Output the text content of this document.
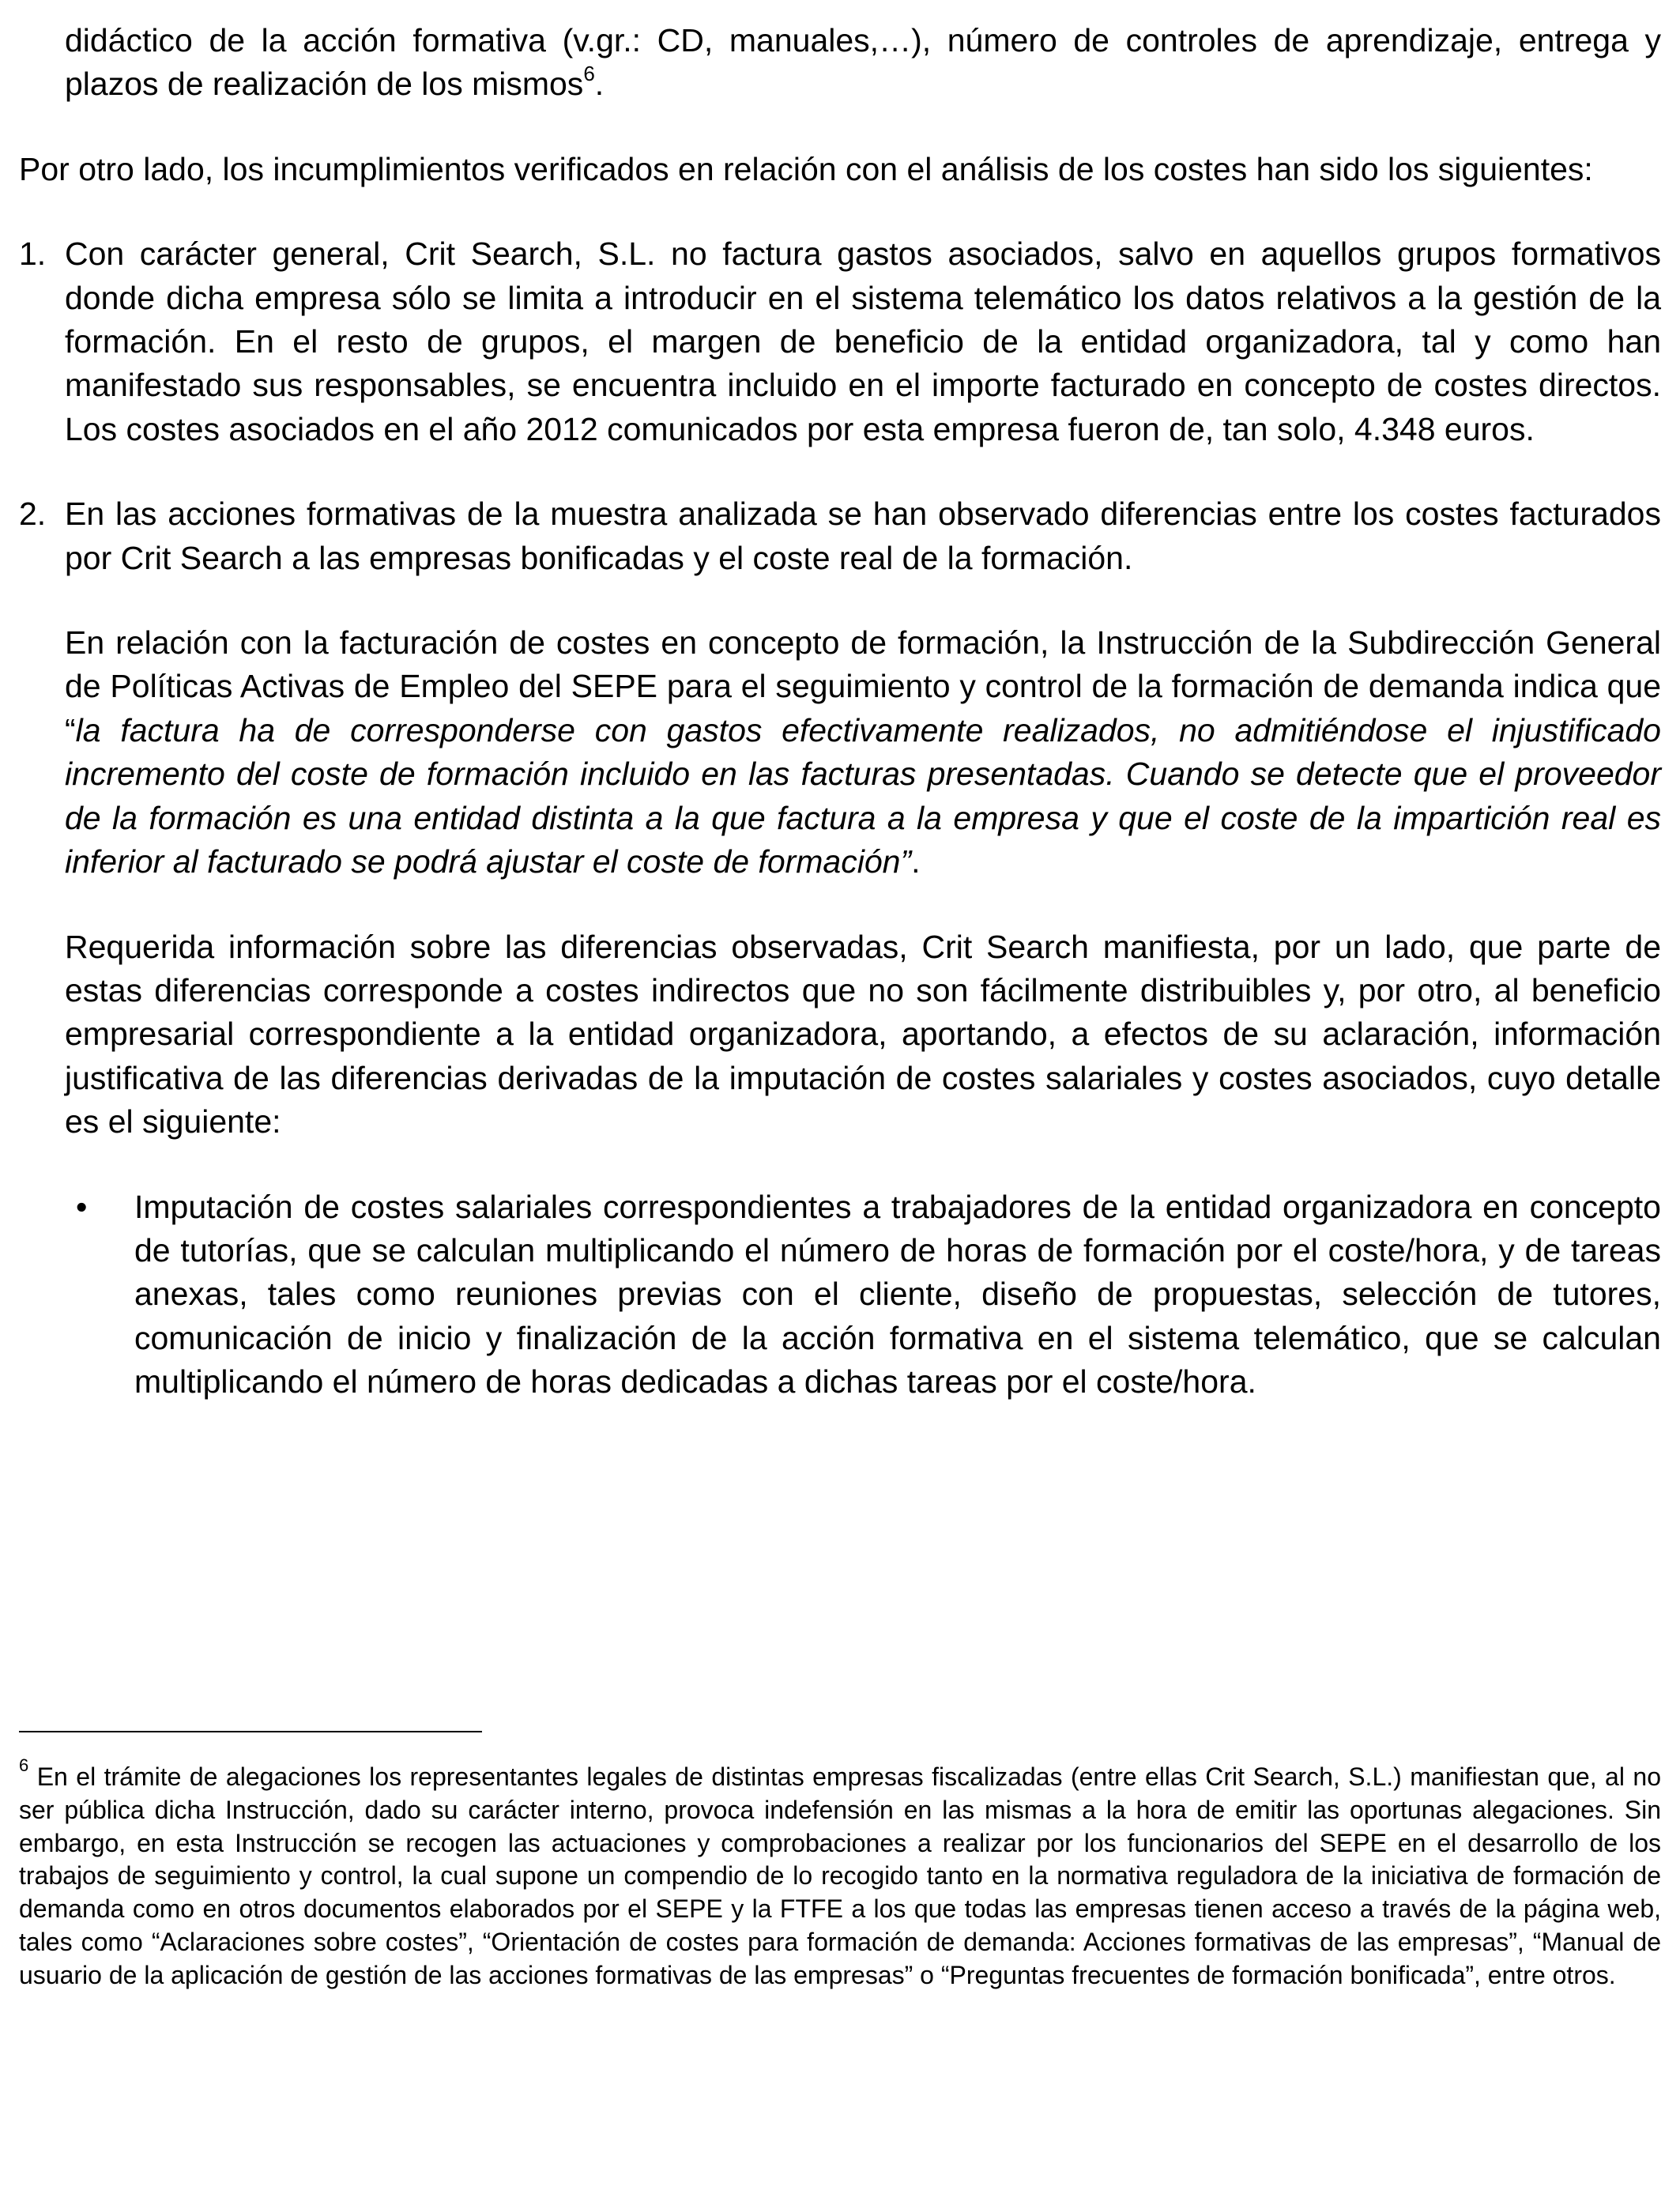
didáctico de la acción formativa (v.gr.: CD, manuales,…), número de controles de aprendizaje, entrega y plazos de realización de los mismos$^6$.

Por otro lado, los incumplimientos verificados en relación con el análisis de los costes han sido los siguientes:

1. Con carácter general, Crit Search, S.L. no factura gastos asociados, salvo en aquellos grupos formativos donde dicha empresa sólo se limita a introducir en el sistema telemático los datos relativos a la gestión de la formación. En el resto de grupos, el margen de beneficio de la entidad organizadora, tal y como han manifestado sus responsables, se encuentra incluido en el importe facturado en concepto de costes directos. Los costes asociados en el año 2012 comunicados por esta empresa fueron de, tan solo, 4.348 euros.

2. En las acciones formativas de la muestra analizada se han observado diferencias entre los costes facturados por Crit Search a las empresas bonificadas y el coste real de la formación.

En relación con la facturación de costes en concepto de formación, la Instrucción de la Subdirección General de Políticas Activas de Empleo del SEPE para el seguimiento y control de la formación de demanda indica que “la factura ha de corresponderse con gastos efectivamente realizados, no admitiéndose el injustificado incremento del coste de formación incluido en las facturas presentadas. Cuando se detecte que el proveedor de la formación es una entidad distinta a la que factura a la empresa y que el coste de la impartición real es inferior al facturado se podrá ajustar el coste de formación”.

Requerida información sobre las diferencias observadas, Crit Search manifiesta, por un lado, que parte de estas diferencias corresponde a costes indirectos que no son fácilmente distribuibles y, por otro, al beneficio empresarial correspondiente a la entidad organizadora, aportando, a efectos de su aclaración, información justificativa de las diferencias derivadas de la imputación de costes salariales y costes asociados, cuyo detalle es el siguiente:

• Imputación de costes salariales correspondientes a trabajadores de la entidad organizadora en concepto de tutorías, que se calculan multiplicando el número de horas de formación por el coste/hora, y de tareas anexas, tales como reuniones previas con el cliente, diseño de propuestas, selección de tutores, comunicación de inicio y finalización de la acción formativa en el sistema telemático, que se calculan multiplicando el número de horas dedicadas a dichas tareas por el coste/hora.

$^6$ En el trámite de alegaciones los representantes legales de distintas empresas fiscalizadas (entre ellas Crit Search, S.L.) manifiestan que, al no ser pública dicha Instrucción, dado su carácter interno, provoca indefensión en las mismas a la hora de emitir las oportunas alegaciones. Sin embargo, en esta Instrucción se recogen las actuaciones y comprobaciones a realizar por los funcionarios del SEPE en el desarrollo de los trabajos de seguimiento y control, la cual supone un compendio de lo recogido tanto en la normativa reguladora de la iniciativa de formación de demanda como en otros documentos elaborados por el SEPE y la FTFE a los que todas las empresas tienen acceso a través de la página web, tales como “Aclaraciones sobre costes”, “Orientación de costes para formación de demanda: Acciones formativas de las empresas”, “Manual de usuario de la aplicación de gestión de las acciones formativas de las empresas” o “Preguntas frecuentes de formación bonificada”, entre otros.
